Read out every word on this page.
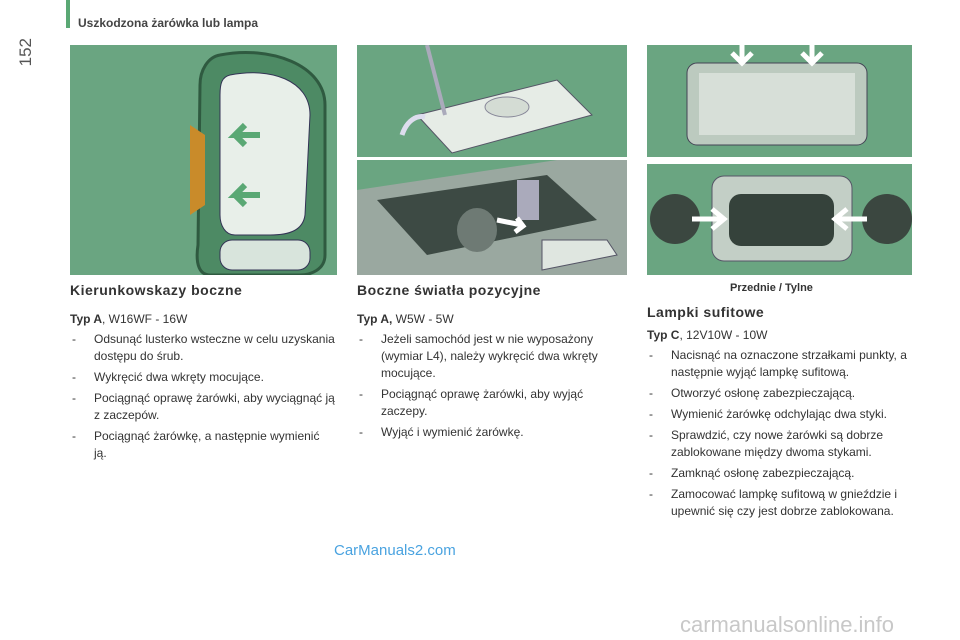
Uszkodzona żarówka lub lampa
152
Przednie / Tylne
Kierunkowskazy boczne
Typ A, W16WF - 16W
- Odsunąć lusterko wsteczne w celu uzyskania dostępu do śrub.
- Wykręcić dwa wkręty mocujące.
- Pociągnąć oprawę żarówki, aby wyciągnąć ją z zaczepów.
- Pociągnąć żarówkę, a następnie wymienić ją.
Boczne światła pozycyjne
Typ A, W5W - 5W
- Jeżeli samochód jest w nie wyposażony (wymiar L4), należy wykręcić dwa wkręty mocujące.
- Pociągnąć oprawę żarówki, aby wyjąć zaczepy.
- Wyjąć i wymienić żarówkę.
Lampki sufitowe
Typ C, 12V10W - 10W
- Nacisnąć na oznaczone strzałkami punkty, a następnie wyjąć lampkę sufitową.
- Otworzyć osłonę zabezpieczającą.
- Wymienić żarówkę odchylając dwa styki.
- Sprawdzić, czy nowe żarówki są dobrze zablokowane między dwoma stykami.
- Zamknąć osłonę zabezpieczającą.
- Zamocować lampkę sufitową w gnieździe i upewnić się czy jest dobrze zablokowana.
CarManuals2.com
carmanualsonline.info
